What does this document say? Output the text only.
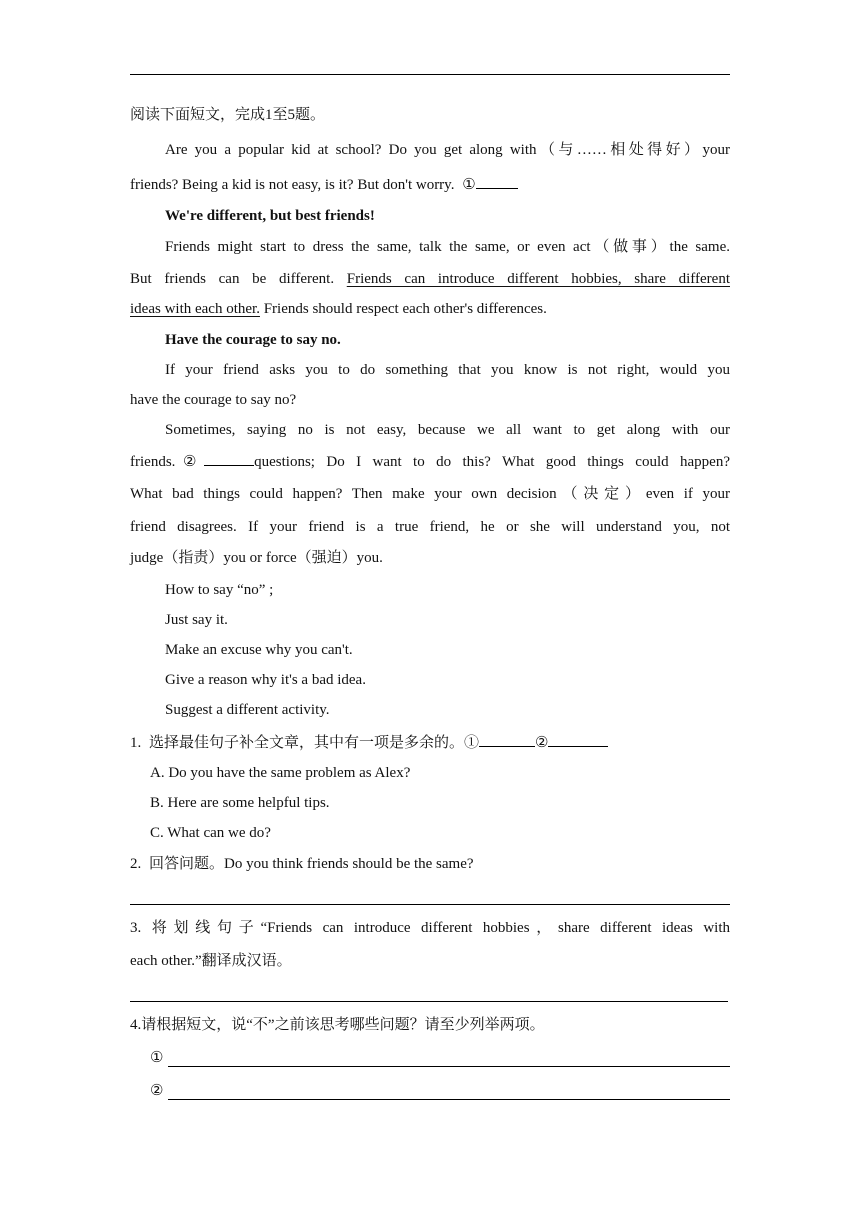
阅读下面短文，完成1至5题。
Are you a popular kid at school? Do you get along with（与……相处得好）your
friends? Being a kid is not easy, is it? But don't worry. ①
We're different, but best friends!
Friends might start to dress the same, talk the same, or even act（做事）the same.
But friends can be different. Friends can introduce different hobbies, share different
ideas with each other. Friends should respect each other's differences.
Have the courage to say no.
If your friend asks you to do something that you know is not right, would you
have the courage to say no?
Sometimes, saying no is not easy, because we all want to get along with our
friends.②	questions; Do I want to do this? What good things could happen?
What bad things could happen? Then make your own decision（决定）even if your
friend disagrees. If your friend is a true friend, he or she will understand you, not
judge（指责）you or force（强迫）you.
How to say “no” ;
Just say it.
Make an excuse why you can't.
Give a reason why it's a bad idea.
Suggest a different activity.
1. 选择最佳句子补全文章，其中有一项是多余的。①	②
A. Do you have the same problem as Alex?
B. Here are some helpful tips.
C. What can we do?
2. 回答问题。Do you think friends should be the same?
3. 将划线句子“Friends can introduce different hobbies，share different ideas with
each other.”翻译成汉语。
4.请根据短文，说“不”之前该思考哪些问题？请至少列举两项。
①
②
